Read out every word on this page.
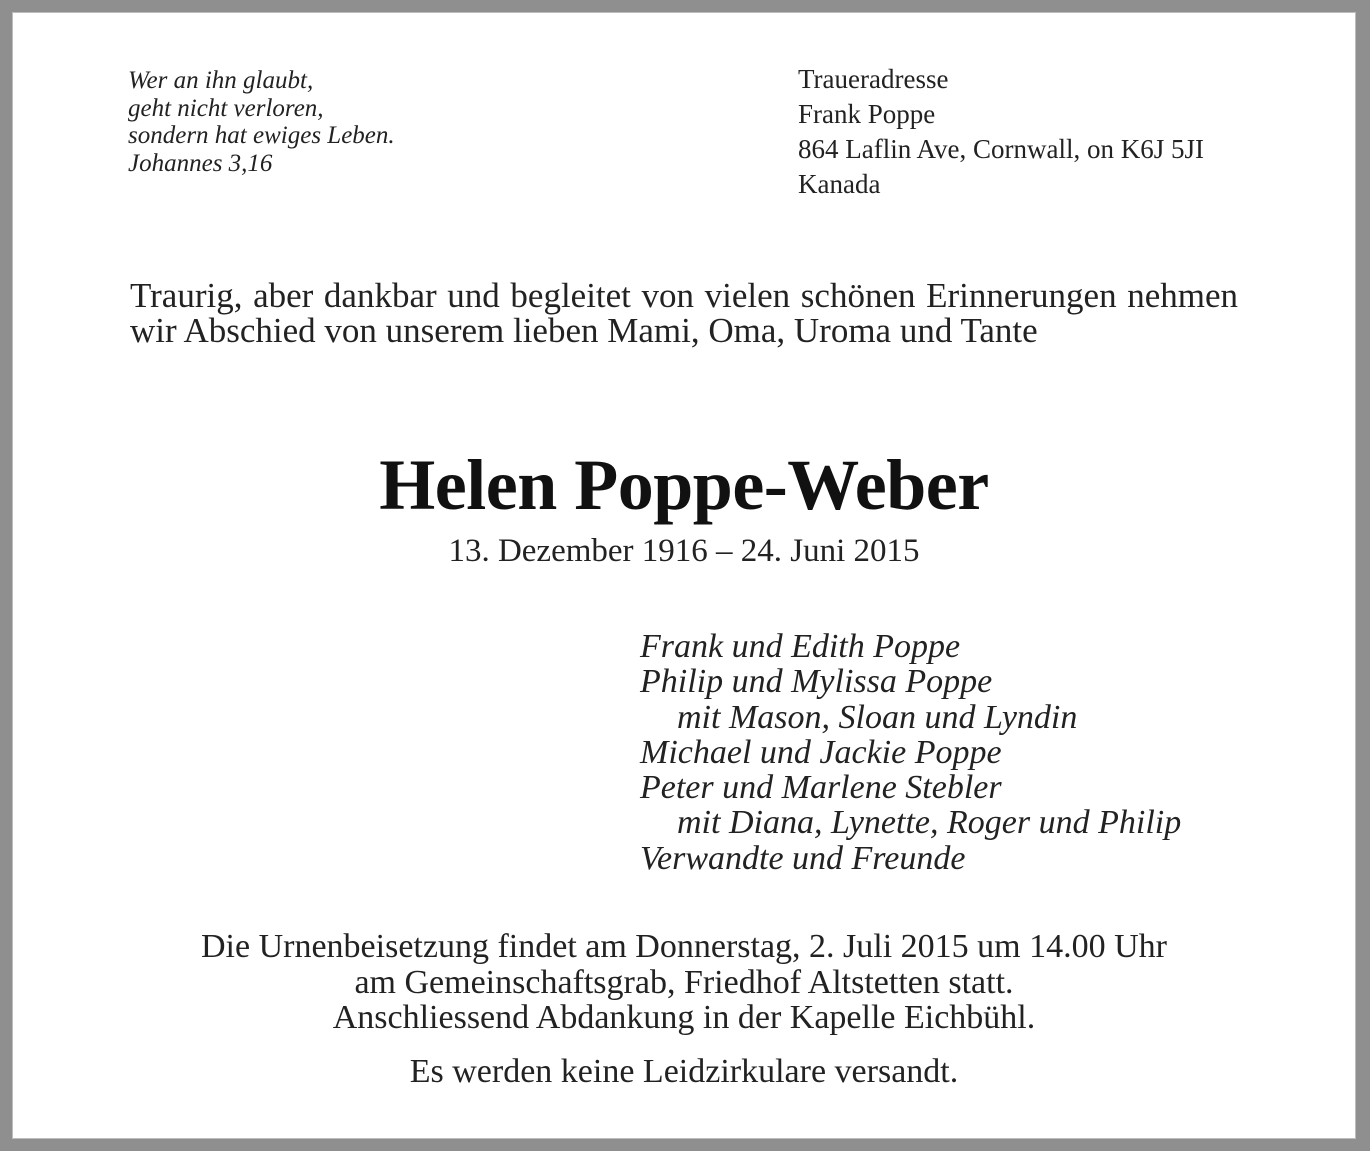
Wer an ihn glaubt,
geht nicht verloren,
sondern hat ewiges Leben.
Johannes 3,16
Traueradresse
Frank Poppe
864 Laflin Ave, Cornwall, on K6J 5JI
Kanada
Traurig, aber dankbar und begleitet von vielen schönen Erinnerungen nehmen wir Abschied von unserem lieben Mami, Oma, Uroma und Tante
Helen Poppe-Weber
13. Dezember 1916 – 24. Juni 2015
Frank und Edith Poppe
Philip und Mylissa Poppe
mit Mason, Sloan und Lyndin
Michael und Jackie Poppe
Peter und Marlene Stebler
mit Diana, Lynette, Roger und Philip
Verwandte und Freunde
Die Urnenbeisetzung findet am Donnerstag, 2. Juli 2015 um 14.00 Uhr
am Gemeinschaftsgrab, Friedhof Altstetten statt.
Anschliessend Abdankung in der Kapelle Eichbühl.
Es werden keine Leidzirkulare versandt.
